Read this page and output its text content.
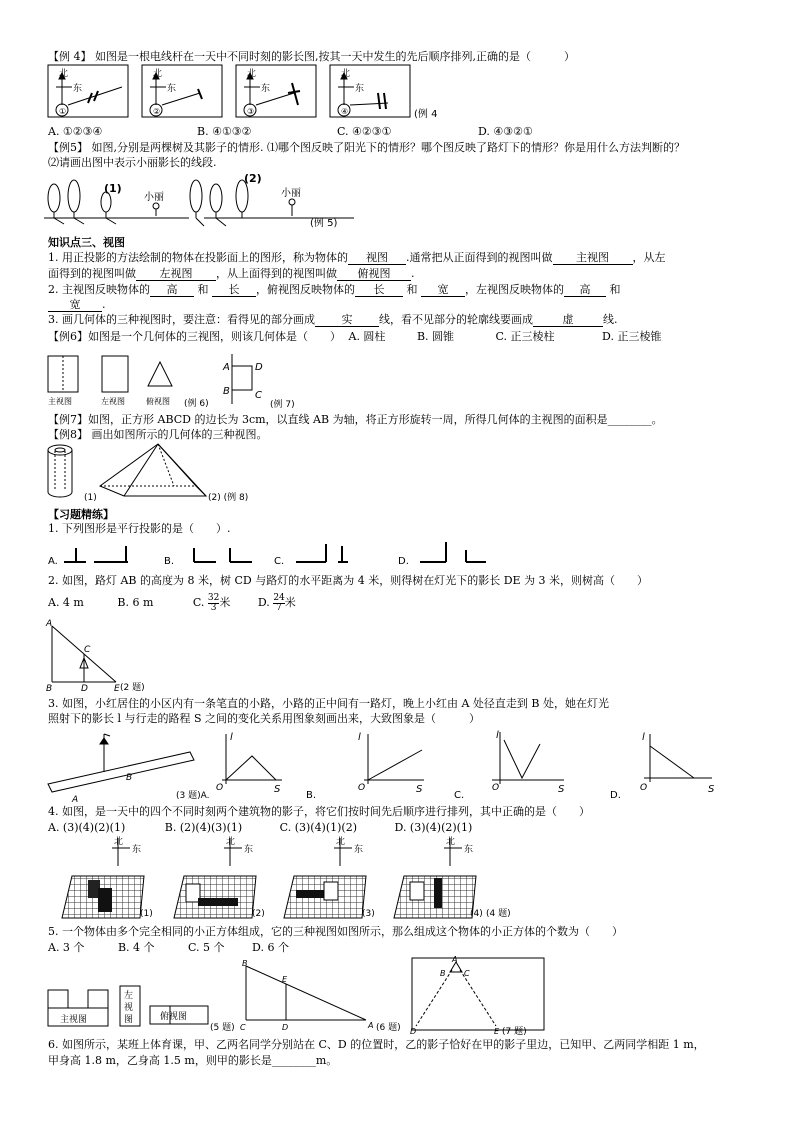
【例 4】 如图是一根电线杆在一天中不同时刻的影长图,按其一天中发生的先后顺序排列,正确的是（　　　）
北
东
①
北
东
②
北
东
③
北
东
④	(例 4
A. ①②③④	B. ④①③②	C. ④②③①	D. ④③②①
【例5】 如图,分别是两棵树及其影子的情形. ⑴哪个图反映了阳光下的情形？哪个图反映了路灯下的情形？你是用什么方法判断的？
⑵请画出图中表示小丽影长的线段.
(1)
小丽
(2)
小丽
(例 5)
知识点三、视图
1. 用正投影的方法绘制的物体在投影面上的图形，称为物体的 视图 .通常把从正面得到的视图叫做 主视图 ，从左
面得到的视图叫做 左视图 ，从上面得到的视图叫做 俯视图 .
2. 主视图反映物体的 高 和 长 ，俯视图反映物体的 长 和 宽 ，左视图反映物体的 高 和
宽 .
3. 画几何体的三种视图时，要注意：看得见的部分画成 实 线，看不见部分的轮廓线要画成	虚	线.
【例6】如图是一个几何体的三视图，则该几何体是（　　） A. 圆柱	B. 圆锥	C. 正三棱柱	D. 正三棱锥
主视图	左视图	俯视图 (例 6)
A
B	C
D
(例 7)
【例7】如图，正方形 ABCD 的边长为 3cm，以直线 AB 为轴，将正方形旋转一周，所得几何体的主视图的面积是________。
【例8】 画出如图所示的几何体的三种视图。
(1)	(2) (例 8)
【习题精练】
1. 下列图形是平行投影的是（　　）.
A.	B.	C.	D.
2. 如图，路灯 AB 的高度为 8 米，树 CD 与路灯的水平距离为 4 米，则得树在灯光下的影长 DE 为 3 米，则树高（　　）
A. 4 m	B. 6 m	C. $\frac{32}{3}$ 米	D. $\frac{24}{7}$ 米
A
C
B	D	E (2 题)
3. 如图，小红居住的小区内有一条笔直的小路，小路的正中间有一路灯，晚上小红由 A 处径直走到 B 处，她在灯光
照射下的影长 l 与行走的路程 S 之间的变化关系用图象刻画出来，大致图象是（　　　）
A
B
(3 题)A.
l
S
O
B.
l
S
O
C.
l
S
O
D.
l
S
O
4. 如图，是一天中的四个不同时刻两个建筑物的影子，将它们按时间先后顺序进行排列，其中正确的是（　　）
A. (3)(4)(2)(1)	B. (2)(4)(3)(1)	C. (3)(4)(1)(2)	D. (3)(4)(2)(1)
北
东
北
东
北
东
北
东
(1)	(2)	(3)	(4) (4 题)
5. 一个物体由多个完全相同的小正方体组成，它的三种视图如图所示，那么组成这个物体的小正方体的个数为（　　）
A. 3 个	B. 4 个	C. 5 个	D. 6 个
主视图
左
视
图	俯视图
(5 题)
B
E
C	D	A (6 题)
A
B C
D	E (7 题)
6. 如图所示，某班上体育课，甲、乙两名同学分别站在 C、D 的位置时，乙的影子恰好在甲的影子里边，已知甲、乙两同学相距 1 m，
甲身高 1.8 m，乙身高 1.5 m，则甲的影长是________m。
